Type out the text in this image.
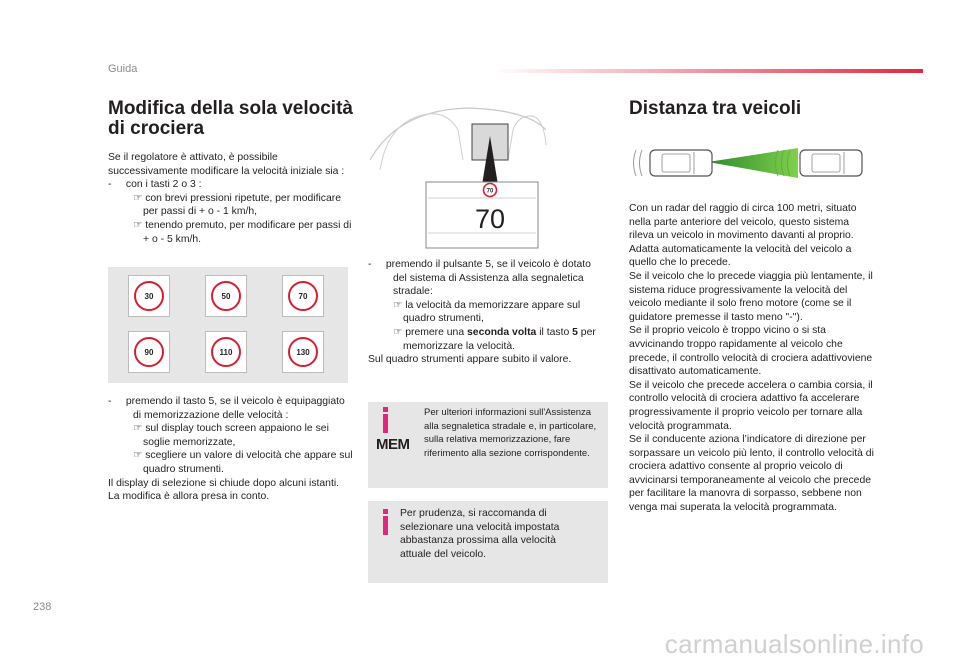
Guida
Modifica della sola velocità di crociera

Se il regolatore è attivato, è possibile successivamente modificare la velocità iniziale sia :

-     con i tasti 2 o 3 :

☞ con brevi pressioni ripetute, per modificare per passi di + o - 1 km/h,

☞ tenendo premuto, per modificare per passi di + o - 5 km/h.

30	50	70
90	110	130

-     premendo il tasto 5, se il veicolo è equipaggiato di memorizzazione delle velocità :

☞ sul display touch screen appaiono le sei soglie memorizzate,

☞ scegliere un valore di velocità che appare sul quadro strumenti.

Il display di selezione si chiude dopo alcuni istanti.

La modifica è allora presa in conto.

70
70

-     premendo il pulsante 5, se il veicolo è dotato del sistema di Assistenza alla segnaletica stradale:

☞ la velocità da memorizzare appare sul quadro strumenti,

☞ premere una seconda volta il tasto 5 per memorizzare la velocità.

Sul quadro strumenti appare subito il valore.

MEM
Per ulteriori informazioni sull'Assistenza alla segnaletica stradale e, in particolare, sulla relativa memorizzazione, fare riferimento alla sezione corrispondente.
Per prudenza, si raccomanda di selezionare una velocità impostata abbastanza prossima alla velocità attuale del veicolo.
Distanza tra veicoli

Con un radar del raggio di circa 100 metri, situato nella parte anteriore del veicolo, questo sistema rileva un veicolo in movimento davanti al proprio.

Adatta automaticamente la velocità del veicolo a quello che lo precede.

Se il veicolo che lo precede viaggia più lentamente, il sistema riduce progressivamente la velocità del veicolo mediante il solo freno motore (come se il guidatore premesse il tasto meno "-").

Se il proprio veicolo è troppo vicino o si sta avvicinando troppo rapidamente al veicolo che precede, il controllo velocità di crociera adattivoviene disattivato automaticamente.

Se il veicolo che precede accelera o cambia corsia, il controllo velocità di crociera adattivo fa accelerare progressivamente il proprio veicolo per tornare alla velocità programmata.

Se il conducente aziona l’indicatore di direzione per sorpassare un veicolo più lento, il controllo velocità di crociera adattivo consente al proprio veicolo di avvicinarsi temporaneamente al veicolo che precede per facilitare la manovra di sorpasso, sebbene non venga mai superata la velocità programmata.

238
carmanualsonline.info
